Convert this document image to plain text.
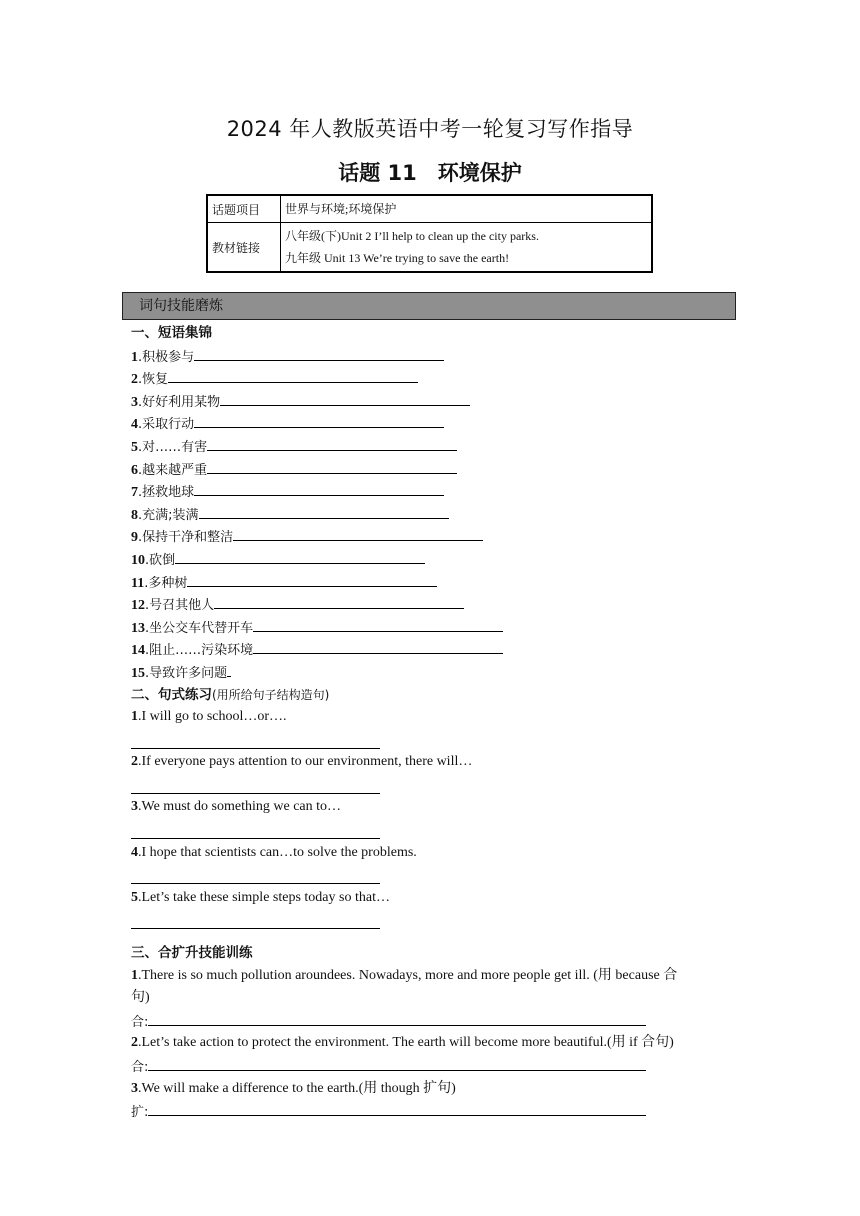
2024 年人教版英语中考一轮复习写作指导
话题 11　环境保护
话题项目	世界与环境;环境保护
教材链接	八年级(下)Unit 2 I’ll help to clean up the city parks.
九年级 Unit 13 We’re trying to save the earth!
词句技能磨炼
一、短语集锦
1.积极参与
2.恢复
3.好好利用某物
4.采取行动
5.对……有害
6.越来越严重
7.拯救地球
8.充满;装满
9.保持干净和整洁
10.砍倒
11.多种树
12.号召其他人
13.坐公交车代替开车
14.阻止……污染环境
15.导致许多问题
二、句式练习(用所给句子结构造句)
1.I will go to school…or….
2.If everyone pays attention to our environment, there will…
3.We must do something we can to…
4.I hope that scientists can…to solve the problems.
5.Let’s take these simple steps today so that…
三、合扩升技能训练
1.There is so much pollution aroundees. Nowadays, more and more people get ill. (用 because 合
句)
合:
2.Let’s take action to protect the environment. The earth will become more beautiful.(用 if 合句)
合:
3.We will make a difference to the earth.(用 though 扩句)
扩:
